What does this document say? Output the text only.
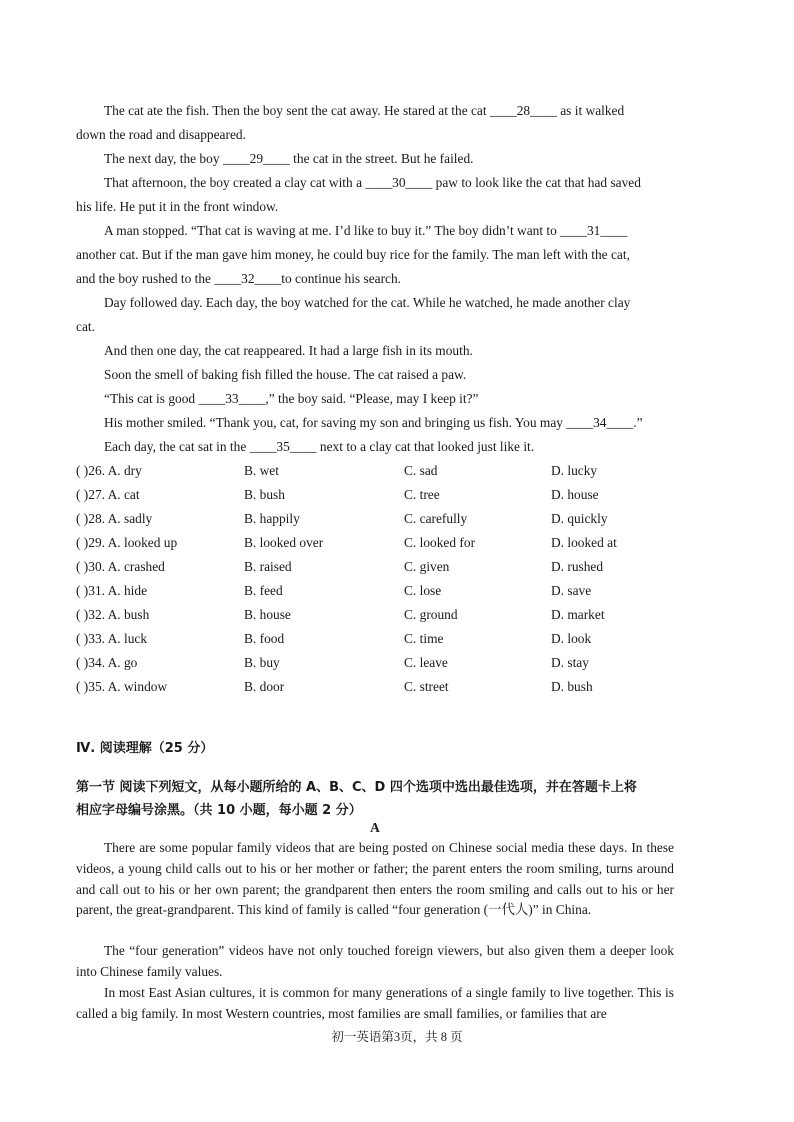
The cat ate the fish. Then the boy sent the cat away. He stared at the cat ____28____ as it walked
down the road and disappeared.
The next day, the boy ____29____ the cat in the street. But he failed.
That afternoon, the boy created a clay cat with a ____30____ paw to look like the cat that had saved
his life. He put it in the front window.
A man stopped. “That cat is waving at me. I’d like to buy it.” The boy didn’t want to ____31____
another cat. But if the man gave him money, he could buy rice for the family. The man left with the cat,
and the boy rushed to the ____32____to continue his search.
Day followed day. Each day, the boy watched for the cat. While he watched, he made another clay
cat.
And then one day, the cat reappeared. It had a large fish in its mouth.
Soon the smell of baking fish filled the house. The cat raised a paw.
“This cat is good ____33____,” the boy said. “Please, may I keep it?”
His mother smiled. “Thank you, cat, for saving my son and bringing us fish. You may ____34____.”
Each day, the cat sat in the ____35____ next to a clay cat that looked just like it.
( )26. A. dry	B. wet	C. sad	D. lucky
( )27. A. cat	B. bush	C. tree	D. house
( )28. A. sadly	B. happily	C. carefully	D. quickly
( )29. A. looked up	B. looked over	C. looked for	D. looked at
( )30. A. crashed	B. raised	C. given	D. rushed
( )31. A. hide	B. feed	C. lose	D. save
( )32. A. bush	B. house	C. ground	D. market
( )33. A. luck	B. food	C. time	D. look
( )34. A. go	B. buy	C. leave	D. stay
( )35. A. window	B. door	C. street	D. bush
Ⅳ. 阅读理解（25 分）
第一节 阅读下列短文，从每小题所给的 A、B、C、D 四个选项中选出最佳选项，并在答题卡上将
相应字母编号涂黑。（共 10 小题，每小题 2 分）
A

There are some popular family videos that are being posted on Chinese social media these days. In these videos, a young child calls out to his or her mother or father; the parent enters the room smiling, turns around and call out to his or her own parent; the grandparent then enters the room smiling and calls out to his or her parent, the great-grandparent. This kind of family is called “four generation (一代人)” in China.

The “four generation” videos have not only touched foreign viewers, but also given them a deeper look into Chinese family values.

In most East Asian cultures, it is common for many generations of a single family to live together. This is called a big family. In most Western countries, most families are small families, or families that are

初一英语第3页，共 8 页
